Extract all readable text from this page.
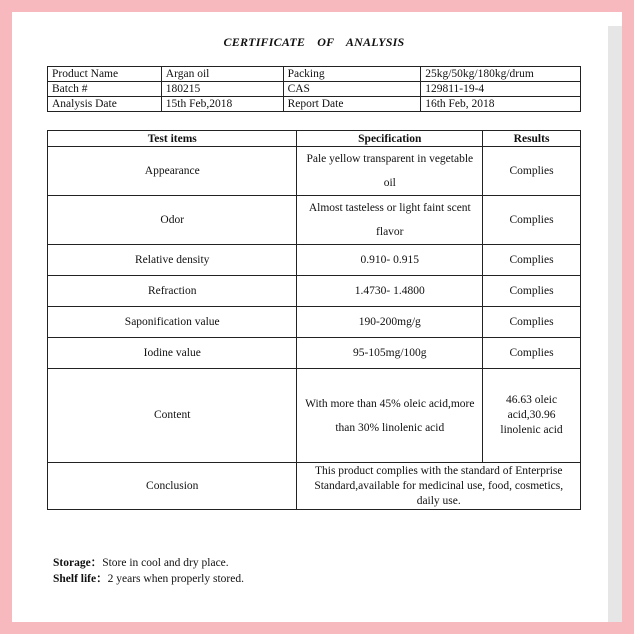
CERTIFICATE OF ANALYSIS
Product Name	Argan oil	Packing	25kg/50kg/180kg/drum
Batch #	180215	CAS	129811-19-4
Analysis Date	15th Feb,2018	Report Date	16th Feb, 2018
Test items	Specification	Results
Appearance	Pale yellow transparent in vegetable oil	Complies
Odor	Almost tasteless or light faint scent flavor	Complies
Relative density	0.910- 0.915	Complies
Refraction	1.4730- 1.4800	Complies
Saponification value	190-200mg/g	Complies
Iodine value	95-105mg/100g	Complies
Content	With more than 45% oleic acid,more than 30% linolenic acid	46.63 oleic acid,30.96 linolenic acid
Conclusion	This product complies with the standard of Enterprise Standard,available for medicinal use, food, cosmetics, daily use.	
Storage：Store in cool and dry place.
Shelf life：2 years when properly stored.
